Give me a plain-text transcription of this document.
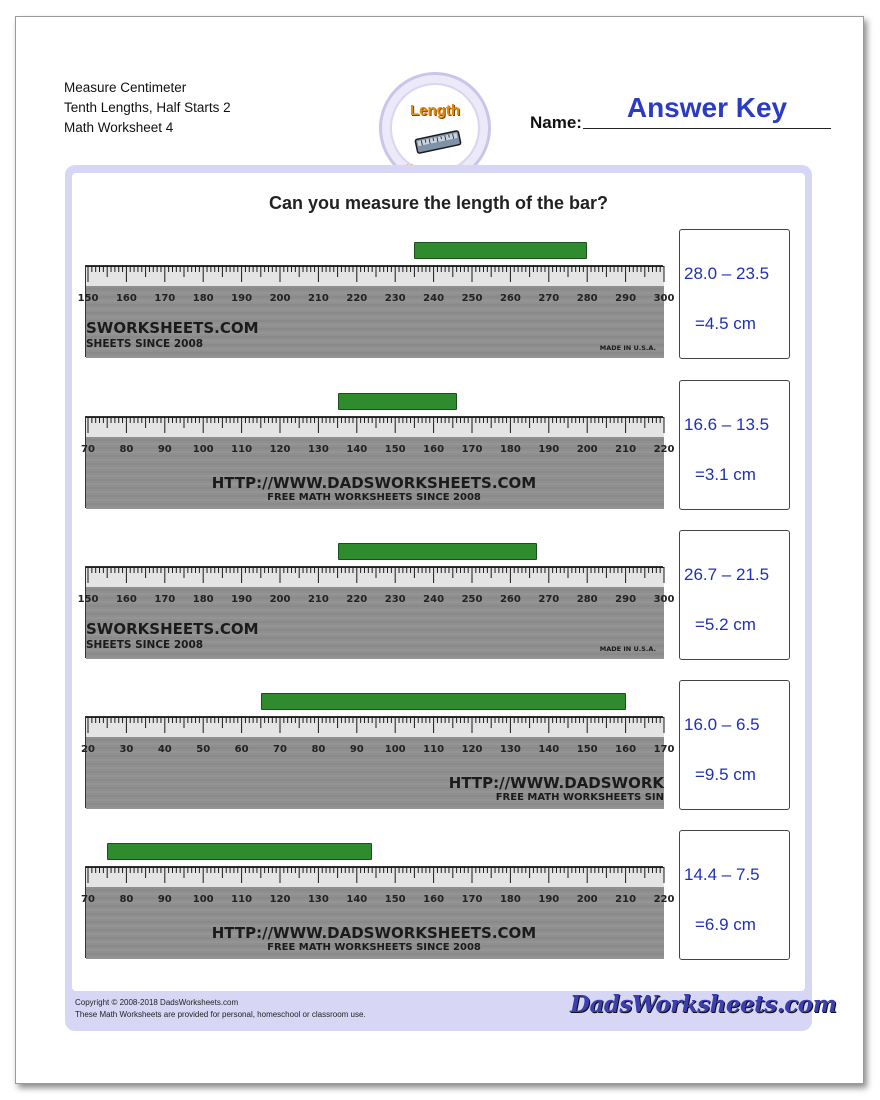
Measure Centimeter
Tenth Lengths, Half Starts 2
Math Worksheet 4
Length
Name:	Answer Key
Can you measure the length of the bar?
150 160 170 180 190 200 210 220 230 240 250 260 270 280 290 300
SWORKSHEETS.COM
SHEETS SINCE 2008	MADE IN U.S.A.
28.0 – 23.5
=4.5 cm
70 80 90 100 110 120 130 140 150 160 170 180 190 200 210 220
HTTP://WWW.DADSWORKSHEETS.COM
FREE MATH WORKSHEETS SINCE 2008
16.6 – 13.5
=3.1 cm
150 160 170 180 190 200 210 220 230 240 250 260 270 280 290 300
SWORKSHEETS.COM
SHEETS SINCE 2008	MADE IN U.S.A.
26.7 – 21.5
=5.2 cm
20 30 40 50 60 70 80 90 100 110 120 130 140 150 160 170
HTTP://WWW.DADSWORK
FREE MATH WORKSHEETS SIN
16.0 – 6.5
=9.5 cm
70 80 90 100 110 120 130 140 150 160 170 180 190 200 210 220
HTTP://WWW.DADSWORKSHEETS.COM
FREE MATH WORKSHEETS SINCE 2008
14.4 – 7.5
=6.9 cm
Copyright © 2008-2018 DadsWorksheets.com
These Math Worksheets are provided for personal, homeschool or classroom use.	DadsWorksheets.com
